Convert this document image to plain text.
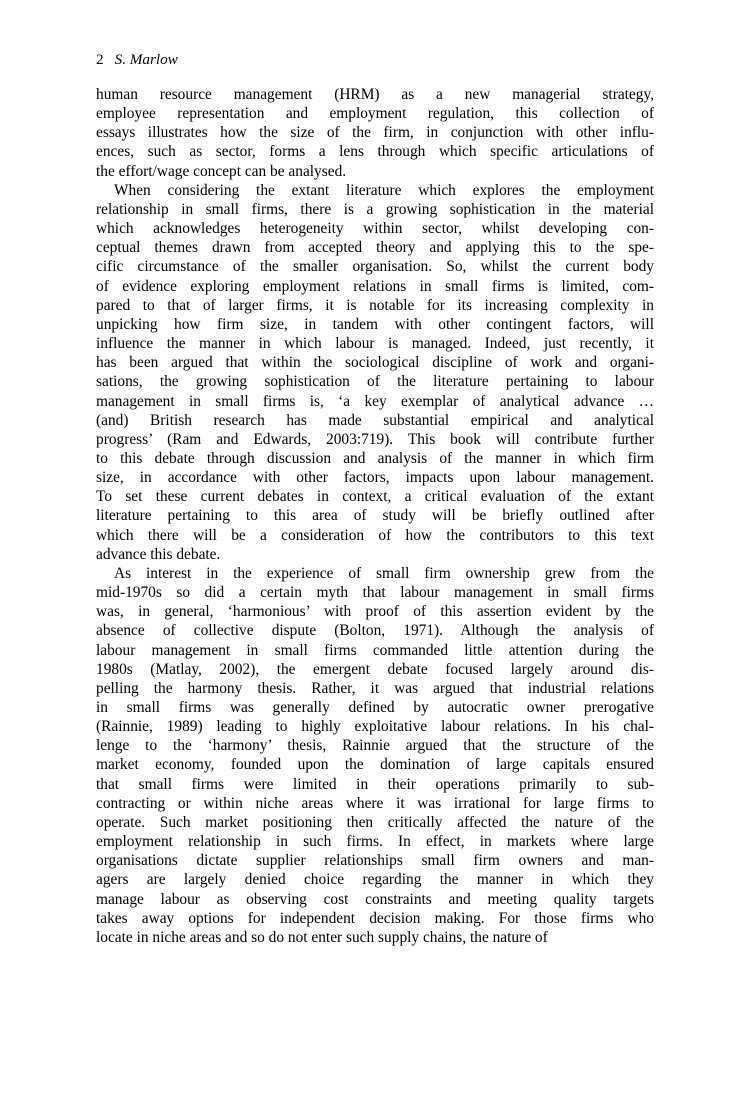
2 S. Marlow

human  resource  management  (HRM)  as  a  new  managerial  strategy,
employee  representation  and  employment  regulation,  this  collection  of
essays illustrates how the size of the firm, in conjunction with other influ-
ences, such as sector, forms a lens through which specific articulations of
the effort/wage concept can be analysed.

When considering the extant literature which explores the employment
relationship in small firms, there is a growing sophistication in the material
which  acknowledges  heterogeneity  within  sector,  whilst  developing  con-
ceptual themes drawn from accepted theory and applying this to the spe-
cific circumstance of the smaller organisation. So, whilst the current body
of evidence exploring employment relations in small firms is limited, com-
pared to that of larger firms, it is notable for its increasing complexity in
unpicking  how  firm  size,  in  tandem  with  other  contingent  factors,  will
influence the manner in which labour is managed. Indeed, just recently, it
has been argued that within the sociological discipline of work and organi-
sations,  the  growing  sophistication  of  the  literature  pertaining  to  labour
management  in  small  firms  is,  ‘a  key  exemplar  of  analytical  advance  …
(and)  British  research  has  made  substantial  empirical  and  analytical
progress’ (Ram and Edwards, 2003:719). This book will contribute further
to this debate through discussion and analysis of the manner in which firm
size, in accordance with other factors, impacts upon labour management.
To set these current debates in context, a critical evaluation of the extant
literature  pertaining  to  this  area  of  study  will  be  briefly  outlined  after
which  there  will  be  a  consideration  of  how  the  contributors  to  this  text
advance this debate.

As  interest  in  the  experience  of  small  firm  ownership  grew  from  the
mid-1970s  so  did  a  certain  myth  that  labour  management  in  small  firms
was, in general, ‘harmonious’ with proof of this assertion evident by the
absence  of  collective  dispute  (Bolton,  1971).  Although  the  analysis  of
labour management in small firms commanded little attention during the
1980s  (Matlay,  2002),  the  emergent  debate  focused  largely  around  dis-
pelling the harmony thesis. Rather, it was argued that industrial relations
in  small  firms  was  generally  defined  by  autocratic  owner  prerogative
(Rainnie, 1989) leading to highly exploitative labour relations. In his chal-
lenge  to  the  ‘harmony’  thesis,  Rainnie  argued  that  the  structure  of  the
market economy, founded upon the domination of large capitals ensured
that  small  firms  were  limited  in  their  operations  primarily  to  sub-
contracting or within niche areas where it was irrational for large firms to
operate. Such market positioning then critically affected the nature of the
employment relationship in such firms. In effect, in markets where large
organisations  dictate  supplier  relationships  small  firm  owners  and  man-
agers  are  largely  denied  choice  regarding  the  manner  in  which  they
manage labour as observing cost constraints and meeting quality targets
takes away options for independent decision making. For those firms who
locate in niche areas and so do not enter such supply chains, the nature of
